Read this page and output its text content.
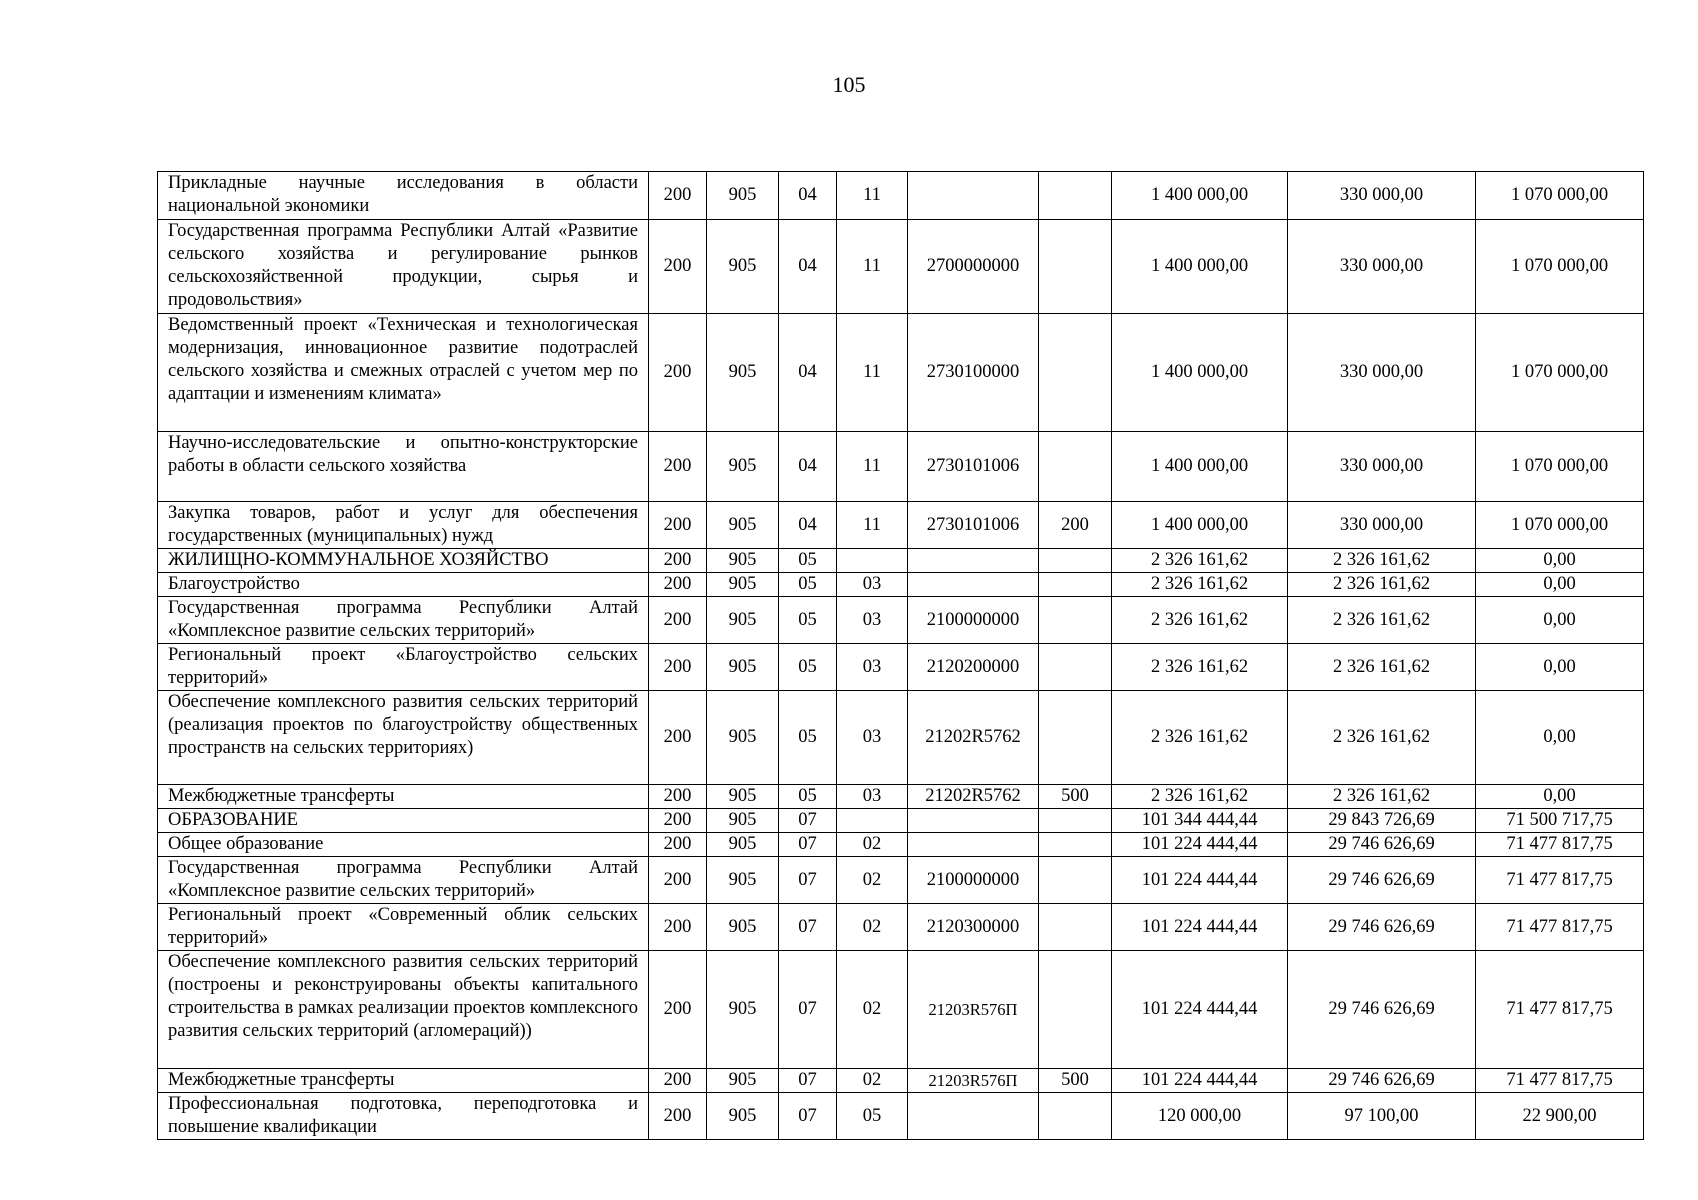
105
Прикладные научные исследования в области национальной экономики	200	905	04	11			1 400 000,00	330 000,00	1 070 000,00
Государственная программа Республики Алтай «Развитие сельского хозяйства и регулирование рынков сельскохозяйственной продукции, сырья и продовольствия»	200	905	04	11	2700000000		1 400 000,00	330 000,00	1 070 000,00
Ведомственный проект «Техническая и технологическая модернизация, инновационное развитие подотраслей сельского хозяйства и смежных отраслей с учетом мер по адаптации и изменениям климата»	200	905	04	11	2730100000		1 400 000,00	330 000,00	1 070 000,00
Научно-исследовательские и опытно-конструкторские работы в области сельского хозяйства	200	905	04	11	2730101006		1 400 000,00	330 000,00	1 070 000,00
Закупка товаров, работ и услуг для обеспечения государственных (муниципальных) нужд	200	905	04	11	2730101006	200	1 400 000,00	330 000,00	1 070 000,00
ЖИЛИЩНО-КОММУНАЛЬНОЕ ХОЗЯЙСТВО	200	905	05				2 326 161,62	2 326 161,62	0,00
Благоустройство	200	905	05	03			2 326 161,62	2 326 161,62	0,00
Государственная программа Республики Алтай «Комплексное развитие сельских территорий»	200	905	05	03	2100000000		2 326 161,62	2 326 161,62	0,00
Региональный проект «Благоустройство сельских территорий»	200	905	05	03	2120200000		2 326 161,62	2 326 161,62	0,00
Обеспечение комплексного развития сельских территорий (реализация проектов по благоустройству общественных пространств на сельских территориях)	200	905	05	03	21202R5762		2 326 161,62	2 326 161,62	0,00
Межбюджетные трансферты	200	905	05	03	21202R5762	500	2 326 161,62	2 326 161,62	0,00
ОБРАЗОВАНИЕ	200	905	07				101 344 444,44	29 843 726,69	71 500 717,75
Общее образование	200	905	07	02			101 224 444,44	29 746 626,69	71 477 817,75
Государственная программа Республики Алтай «Комплексное развитие сельских территорий»	200	905	07	02	2100000000		101 224 444,44	29 746 626,69	71 477 817,75
Региональный проект «Современный облик сельских территорий»	200	905	07	02	2120300000		101 224 444,44	29 746 626,69	71 477 817,75
Обеспечение комплексного развития сельских территорий (построены и реконструированы объекты капитального строительства в рамках реализации проектов комплексного развития сельских территорий (агломераций))	200	905	07	02	21203R576П		101 224 444,44	29 746 626,69	71 477 817,75
Межбюджетные трансферты	200	905	07	02	21203R576П	500	101 224 444,44	29 746 626,69	71 477 817,75
Профессиональная подготовка, переподготовка и повышение квалификации	200	905	07	05			120 000,00	97 100,00	22 900,00
